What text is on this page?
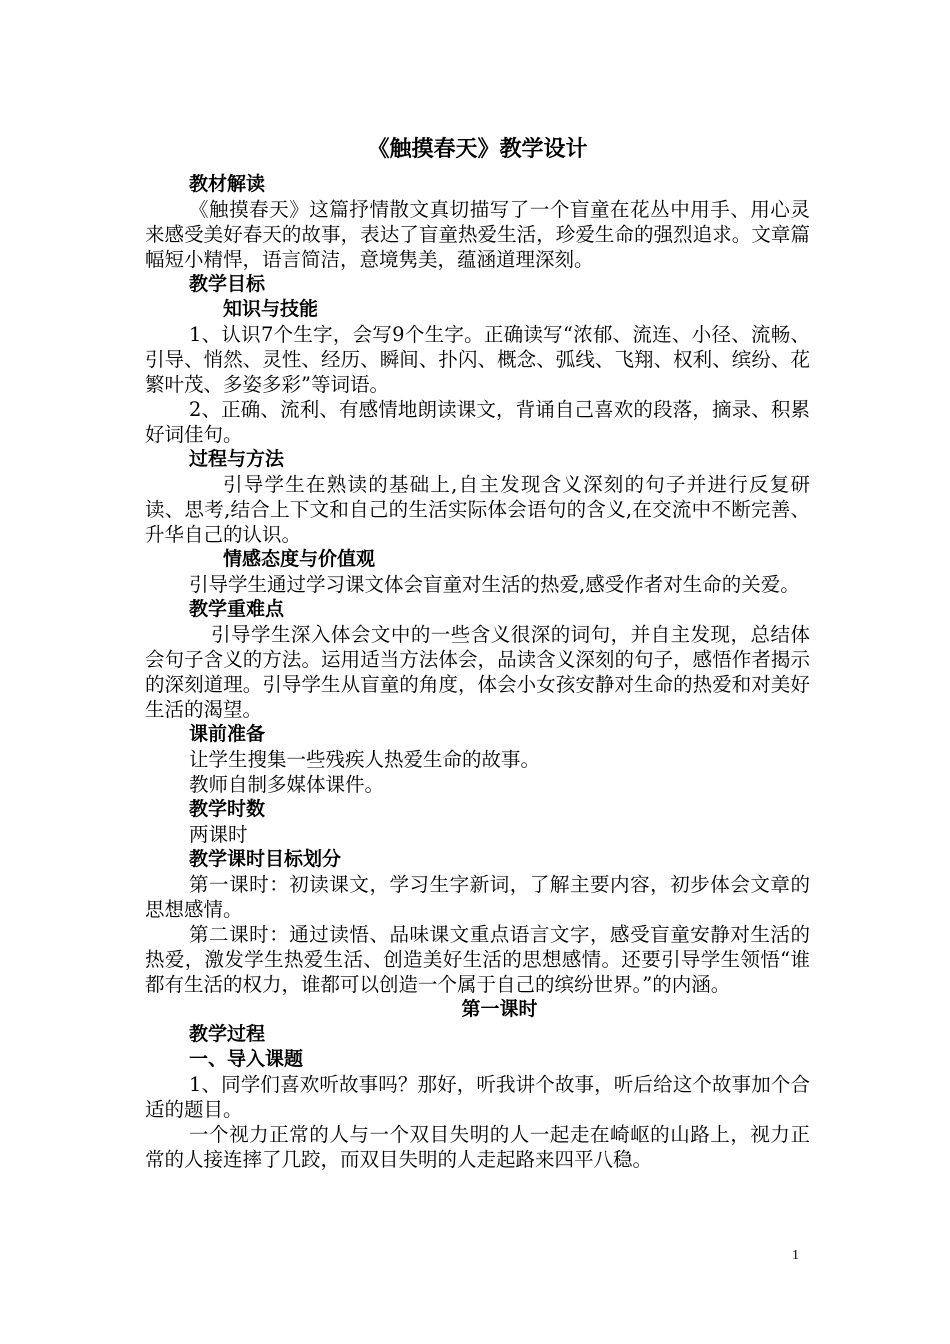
《触摸春天》教学设计

教材解读

《触摸春天》这篇抒情散文真切描写了一个盲童在花丛中用手、用心灵来感受美好春天的故事，表达了盲童热爱生活，珍爱生命的强烈追求。文章篇幅短小精悍，语言简洁，意境隽美，蕴涵道理深刻。

教学目标

知识与技能

1、认识7个生字，会写9个生字。正确读写“浓郁、流连、小径、流畅、引导、悄然、灵性、经历、瞬间、扑闪、概念、弧线、飞翔、权利、缤纷、花繁叶茂、多姿多彩”等词语。

2、正确、流利、有感情地朗读课文，背诵自己喜欢的段落，摘录、积累好词佳句。

过程与方法

引导学生在熟读的基础上,自主发现含义深刻的句子并进行反复研读、思考,结合上下文和自己的生活实际体会语句的含义,在交流中不断完善、升华自己的认识。

情感态度与价值观

引导学生通过学习课文体会盲童对生活的热爱,感受作者对生命的关爱。

教学重难点

引导学生深入体会文中的一些含义很深的词句，并自主发现，总结体会句子含义的方法。运用适当方法体会，品读含义深刻的句子，感悟作者揭示的深刻道理。引导学生从盲童的角度，体会小女孩安静对生命的热爱和对美好生活的渴望。

课前准备

让学生搜集一些残疾人热爱生命的故事。

教师自制多媒体课件。

教学时数

两课时

教学课时目标划分

第一课时：初读课文，学习生字新词，了解主要内容，初步体会文章的思想感情。

第二课时：通过读悟、品味课文重点语言文字，感受盲童安静对生活的热爱，激发学生热爱生活、创造美好生活的思想感情。还要引导学生领悟“谁都有生活的权力，谁都可以创造一个属于自己的缤纷世界。”的内涵。

第一课时

教学过程

一、导入课题

1、同学们喜欢听故事吗？那好，听我讲个故事，听后给这个故事加个合适的题目。

一个视力正常的人与一个双目失明的人一起走在崎岖的山路上，视力正常的人接连摔了几跤，而双目失明的人走起路来四平八稳。

1
